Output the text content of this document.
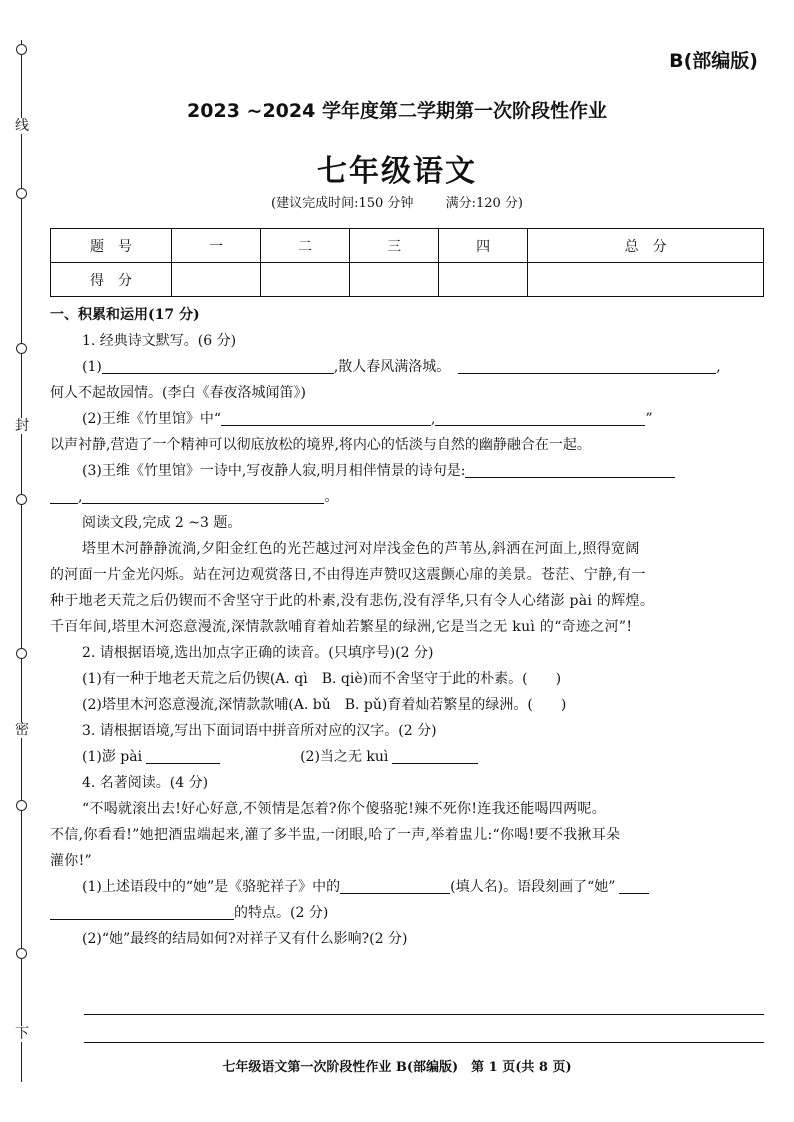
线
封
密
下
B(部编版)
2023 ~2024 学年度第二学期第一次阶段性作业
七年级语文
(建议完成时间:150 分钟 满分:120 分)
题　号	一	二	三	四	总　分
得　分					
一、积累和运用(17 分)
1. 经典诗文默写。(6 分)
(1)	,散人春风满洛城。	,
何人不起故园情。(李白《春夜洛城闻笛》)
(2)王维《竹里馆》中“	,	”
以声衬静,营造了一个精神可以彻底放松的境界,将内心的恬淡与自然的幽静融合在一起。
(3)王维《竹里馆》一诗中,写夜静人寂,明月相伴情景的诗句是:
,	。
阅读文段,完成 2 ~3 题。
塔里木河静静流淌,夕阳金红色的光芒越过河对岸浅金色的芦苇丛,斜洒在河面上,照得宽阔
的河面一片金光闪烁。站在河边观赏落日,不由得连声赞叹这震颤心扉的美景。苍茫、宁静,有一
种于地老天荒之后仍锲而不舍坚守于此的朴素,没有悲伤,没有浮华,只有令人心绪澎 pài 的辉煌。
千百年间,塔里木河恣意漫流,深情款款哺育着灿若繁星的绿洲,它是当之无 kuì 的“奇迹之河”!
2. 请根据语境,选出加点字正确的读音。(只填序号)(2 分)
(1)有一种于地老天荒之后仍锲(A. qì　B. qiè)而不舍坚守于此的朴素。(　　)
(2)塔里木河恣意漫流,深情款款哺(A. bǔ　B. pǔ)育着灿若繁星的绿洲。(　　)
3. 请根据语境,写出下面词语中拼音所对应的汉字。(2 分)
(1)澎 pài	(2)当之无 kuì
4. 名著阅读。(4 分)
“不喝就滚出去!好心好意,不领情是怎着?你个傻骆驼!辣不死你!连我还能喝四两呢。
不信,你看看!”她把酒盅端起来,灌了多半盅,一闭眼,哈了一声,举着盅儿:“你喝!要不我揪耳朵
灌你!”
(1)上述语段中的“她”是《骆驼祥子》中的	(填人名)。语段刻画了“她”
的特点。(2 分)
(2)“她”最终的结局如何?对祥子又有什么影响?(2 分)
七年级语文第一次阶段性作业 B(部编版)　第 1 页(共 8 页)
